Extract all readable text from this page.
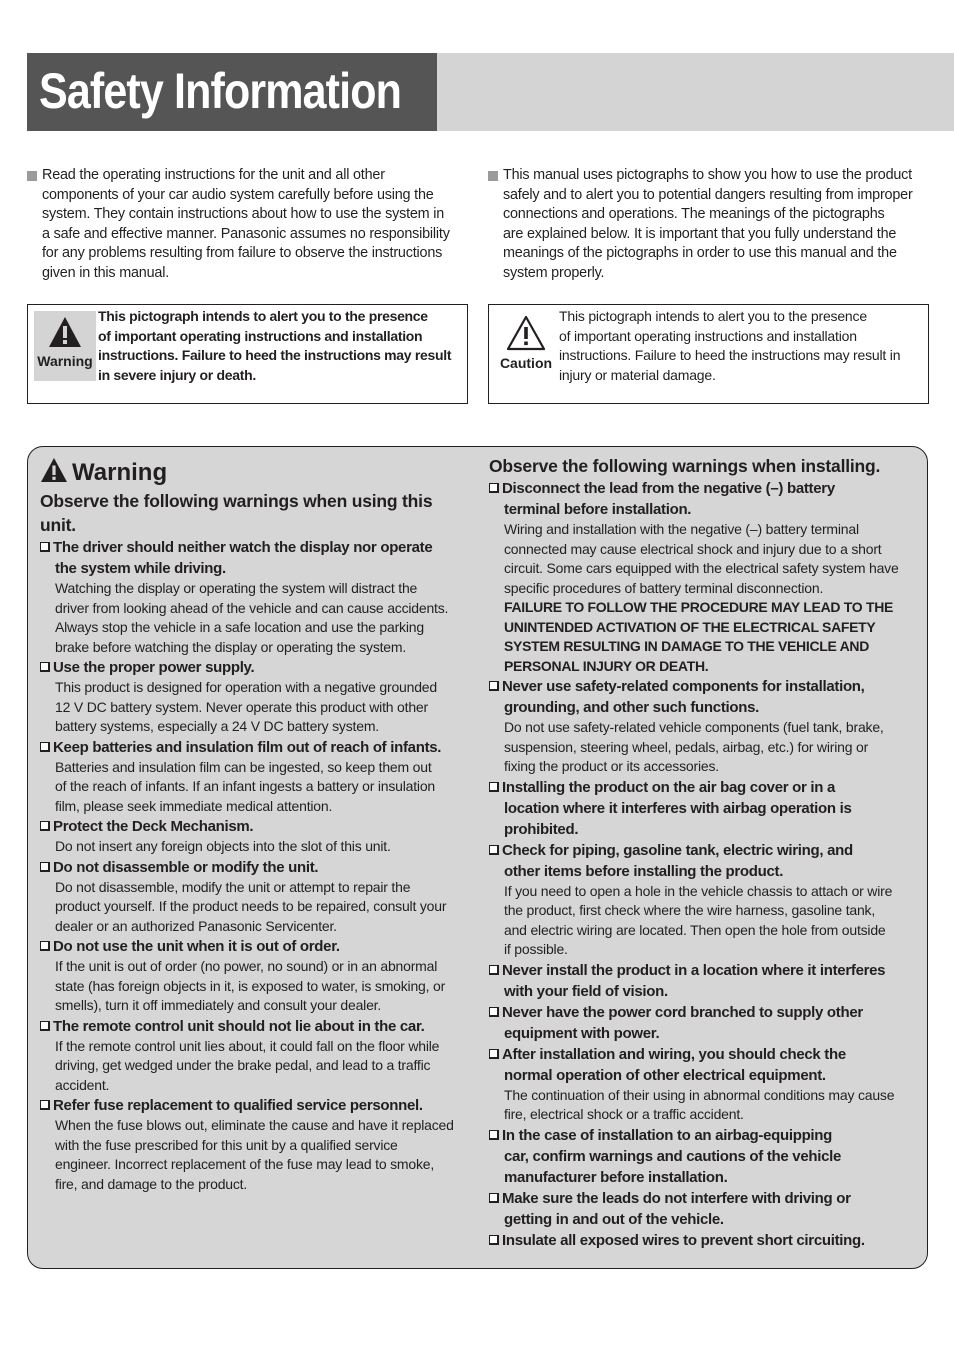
Safety Information
Read the operating instructions for the unit and all other
components of your car audio system carefully before using the
system. They contain instructions about how to use the system in
a safe and effective manner. Panasonic assumes no responsibility
for any problems resulting from failure to observe the instructions
given in this manual.
This manual uses pictographs to show you how to use the product
safely and to alert you to potential dangers resulting from improper
connections and operations. The meanings of the pictographs
are explained below. It is important that you fully understand the
meanings of the pictographs in order to use this manual and the
system properly.
Warning
This pictograph intends to alert you to the presence
of important operating instructions and installation
instructions. Failure to heed the instructions may result
in severe injury or death.
Caution
This pictograph intends to alert you to the presence
of important operating instructions and installation
instructions. Failure to heed the instructions may result in
injury or material damage.
Warning
Observe the following warnings when using this
unit.
The driver should neither watch the display nor operate
the system while driving.
Watching the display or operating the system will distract the
driver from looking ahead of the vehicle and can cause accidents.
Always stop the vehicle in a safe location and use the parking
brake before watching the display or operating the system.
Use the proper power supply.
This product is designed for operation with a negative grounded
12 V DC battery system. Never operate this product with other
battery systems, especially a 24 V DC battery system.
Keep batteries and insulation film out of reach of infants.
Batteries and insulation film can be ingested, so keep them out
of the reach of infants. If an infant ingests a battery or insulation
film, please seek immediate medical attention.
Protect the Deck Mechanism.
Do not insert any foreign objects into the slot of this unit.
Do not disassemble or modify the unit.
Do not disassemble, modify the unit or attempt to repair the
product yourself. If the product needs to be repaired, consult your
dealer or an authorized Panasonic Servicenter.
Do not use the unit when it is out of order.
If the unit is out of order (no power, no sound) or in an abnormal
state (has foreign objects in it, is exposed to water, is smoking, or
smells), turn it off immediately and consult your dealer.
The remote control unit should not lie about in the car.
If the remote control unit lies about, it could fall on the floor while
driving, get wedged under the brake pedal, and lead to a traffic
accident.
Refer fuse replacement to qualified service personnel.
When the fuse blows out, eliminate the cause and have it replaced
with the fuse prescribed for this unit by a qualified service
engineer. Incorrect replacement of the fuse may lead to smoke,
fire, and damage to the product.
Observe the following warnings when installing.
Disconnect the lead from the negative (–) battery
terminal before installation.
Wiring and installation with the negative (–) battery terminal
connected may cause electrical shock and injury due to a short
circuit. Some cars equipped with the electrical safety system have
specific procedures of battery terminal disconnection.
FAILURE TO FOLLOW THE PROCEDURE MAY LEAD TO THE
UNINTENDED ACTIVATION OF THE ELECTRICAL SAFETY
SYSTEM RESULTING IN DAMAGE TO THE VEHICLE AND
PERSONAL INJURY OR DEATH.
Never use safety-related components for installation,
grounding, and other such functions.
Do not use safety-related vehicle components (fuel tank, brake,
suspension, steering wheel, pedals, airbag, etc.) for wiring or
fixing the product or its accessories.
Installing the product on the air bag cover or in a
location where it interferes with airbag operation is
prohibited.
Check for piping, gasoline tank, electric wiring, and
other items before installing the product.
If you need to open a hole in the vehicle chassis to attach or wire
the product, first check where the wire harness, gasoline tank,
and electric wiring are located. Then open the hole from outside
if possible.
Never install the product in a location where it interferes
with your field of vision.
Never have the power cord branched to supply other
equipment with power.
After installation and wiring, you should check the
normal operation of other electrical equipment.
The continuation of their using in abnormal conditions may cause
fire, electrical shock or a traffic accident.
In the case of installation to an airbag-equipping
car, confirm warnings and cautions of the vehicle
manufacturer before installation.
Make sure the leads do not interfere with driving or
getting in and out of the vehicle.
Insulate all exposed wires to prevent short circuiting.
